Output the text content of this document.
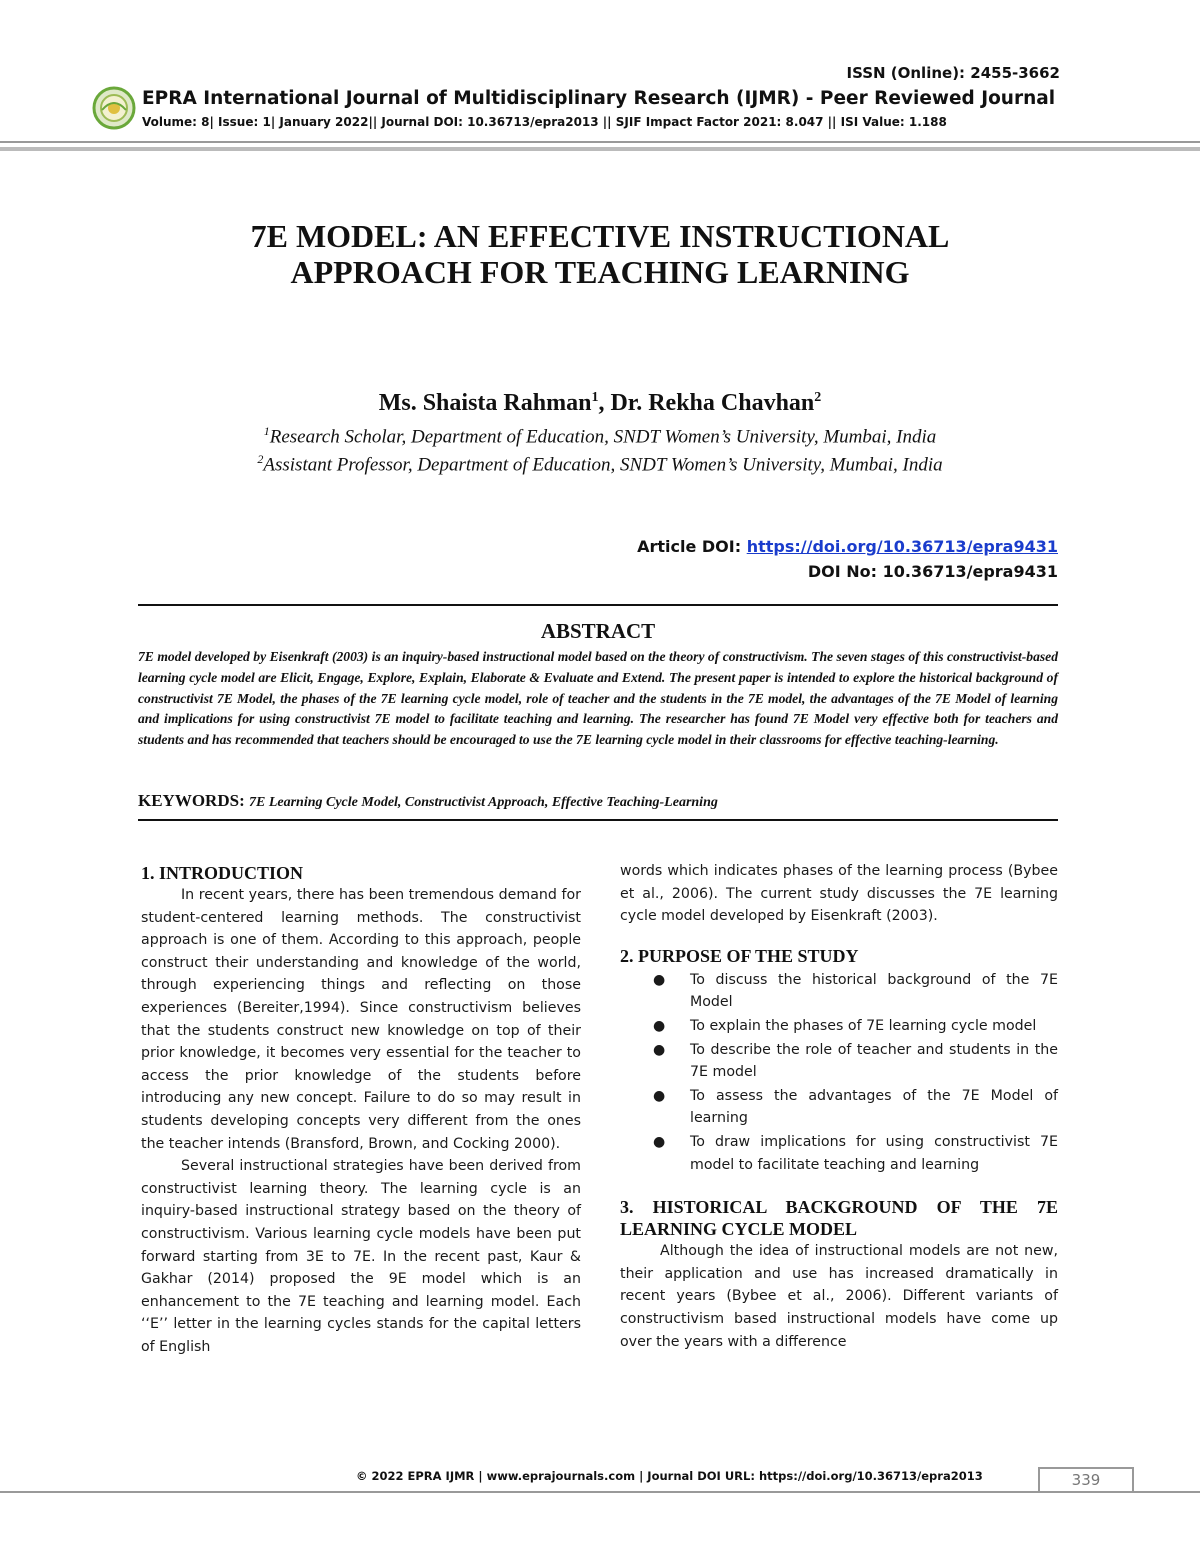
ISSN (Online): 2455-3662
EPRA International Journal of Multidisciplinary Research (IJMR) - Peer Reviewed Journal
Volume: 8| Issue: 1| January 2022|| Journal DOI: 10.36713/epra2013 || SJIF Impact Factor 2021: 8.047 || ISI Value: 1.188
7E MODEL: AN EFFECTIVE INSTRUCTIONAL
APPROACH FOR TEACHING LEARNING
Ms. Shaista Rahman$^1$, Dr. Rekha Chavhan$^2$
$^1$Research Scholar, Department of Education, SNDT Women’s University, Mumbai, India
$^2$Assistant Professor, Department of Education, SNDT Women’s University, Mumbai, India
Article DOI: https://doi.org/10.36713/epra9431
DOI No: 10.36713/epra9431
ABSTRACT
7E model developed by Eisenkraft (2003) is an inquiry-based instructional model based on the theory of constructivism. The seven stages of this constructivist-based learning cycle model are Elicit, Engage, Explore, Explain, Elaborate & Evaluate and Extend. The present paper is intended to explore the historical background of constructivist 7E Model, the phases of the 7E learning cycle model, role of teacher and the students in the 7E model, the advantages of the 7E Model of learning and implications for using constructivist 7E model to facilitate teaching and learning. The researcher has found 7E Model very effective both for teachers and students and has recommended that teachers should be encouraged to use the 7E learning cycle model in their classrooms for effective teaching-learning.
KEYWORDS: 7E Learning Cycle Model, Constructivist Approach, Effective Teaching-Learning
1. INTRODUCTION

In recent years, there has been tremendous demand for student-centered learning methods. The constructivist approach is one of them. According to this approach, people construct their understanding and knowledge of the world, through experiencing things and reflecting on those experiences (Bereiter,1994). Since constructivism believes that the students construct new knowledge on top of their prior knowledge, it becomes very essential for the teacher to access the prior knowledge of the students before introducing any new concept. Failure to do so may result in students developing concepts very different from the ones the teacher intends (Bransford, Brown, and Cocking 2000).

Several instructional strategies have been derived from constructivist learning theory. The learning cycle is an inquiry-based instructional strategy based on the theory of constructivism. Various learning cycle models have been put forward starting from 3E to 7E. In the recent past, Kaur & Gakhar (2014) proposed the 9E model which is an enhancement to the 7E teaching and learning model. Each ‘‘E’’ letter in the learning cycles stands for the capital letters of English

words which indicates phases of the learning process (Bybee et al., 2006). The current study discusses the 7E learning cycle model developed by Eisenkraft (2003).

2. PURPOSE OF THE STUDY
● To discuss the historical background of the 7E Model
● To explain the phases of 7E learning cycle model
● To describe the role of teacher and students in the 7E model
● To assess the advantages of the 7E Model of learning
● To draw implications for using constructivist 7E model to facilitate teaching and learning
3. HISTORICAL BACKGROUND OF THE 7E LEARNING CYCLE MODEL

Although the idea of instructional models are not new, their application and use has increased dramatically in recent years (Bybee et al., 2006). Different variants of constructivism based instructional models have come up over the years with a difference

© 2022 EPRA IJMR | www.eprajournals.com | Journal DOI URL: https://doi.org/10.36713/epra2013	339
